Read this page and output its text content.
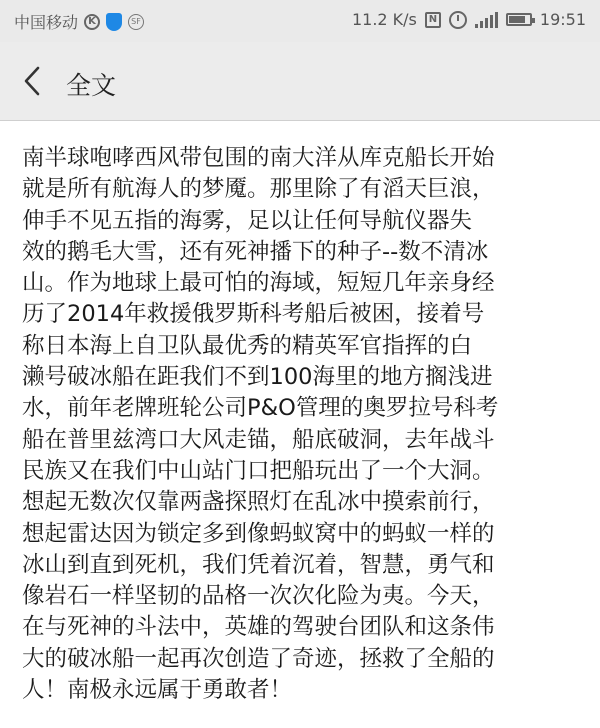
中国移动	K	SF	11.2 K/s	N	19:51
全文
南半球咆哮西风带包围的南大洋从库克船长开始
就是所有航海人的梦魇。那里除了有滔天巨浪，
伸手不见五指的海雾，足以让任何导航仪器失
效的鹅毛大雪，还有死神播下的种子--数不清冰
山。作为地球上最可怕的海域，短短几年亲身经
历了2014年救援俄罗斯科考船后被困，接着号
称日本海上自卫队最优秀的精英军官指挥的白
濑号破冰船在距我们不到100海里的地方搁浅进
水，前年老牌班轮公司P&O管理的奥罗拉号科考
船在普里兹湾口大风走锚，船底破洞，去年战斗
民族又在我们中山站门口把船玩出了一个大洞。
想起无数次仅靠两盏探照灯在乱冰中摸索前行，
想起雷达因为锁定多到像蚂蚁窝中的蚂蚁一样的
冰山到直到死机，我们凭着沉着，智慧，勇气和
像岩石一样坚韧的品格一次次化险为夷。今天，
在与死神的斗法中，英雄的驾驶台团队和这条伟
大的破冰船一起再次创造了奇迹，拯救了全船的
人！南极永远属于勇敢者！
